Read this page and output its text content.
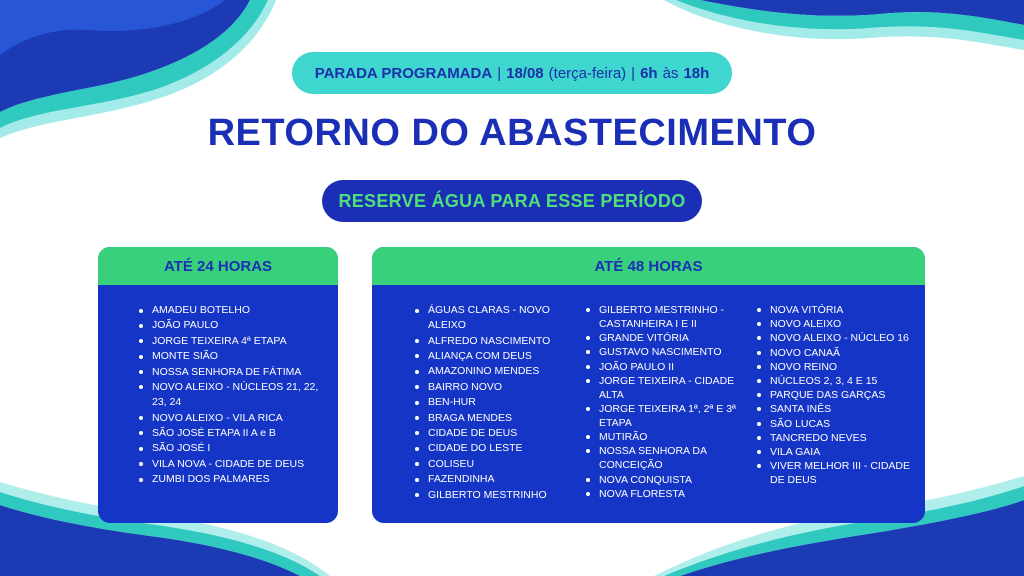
PARADA PROGRAMADA | 18/08 (terça-feira) | 6h às 18h
RETORNO DO ABASTECIMENTO
RESERVE ÁGUA PARA ESSE PERÍODO
ATÉ 24 HORAS
AMADEU BOTELHO
JOÃO PAULO
JORGE TEIXEIRA 4ª ETAPA
MONTE SIÃO
NOSSA SENHORA DE FÁTIMA
NOVO ALEIXO - NÚCLEOS 21, 22, 23, 24
NOVO ALEIXO - VILA RICA
SÃO JOSÉ ETAPA II A e B
SÃO JOSÉ I
VILA NOVA - CIDADE DE DEUS
ZUMBI DOS PALMARES
ATÉ 48 HORAS
ÁGUAS CLARAS - NOVO ALEIXO
ALFREDO NASCIMENTO
ALIANÇA COM DEUS
AMAZONINO MENDES
BAIRRO NOVO
BEN-HUR
BRAGA MENDES
CIDADE DE DEUS
CIDADE DO LESTE
COLISEU
FAZENDINHA
GILBERTO MESTRINHO
GILBERTO MESTRINHO - CASTANHEIRA I E II
GRANDE VITÓRIA
GUSTAVO NASCIMENTO
JOÃO PAULO II
JORGE TEIXEIRA - CIDADE ALTA
JORGE TEIXEIRA 1ª, 2ª E 3ª ETAPA
MUTIRÃO
NOSSA SENHORA DA CONCEIÇÃO
NOVA CONQUISTA
NOVA FLORESTA
NOVA VITÓRIA
NOVO ALEIXO
NOVO ALEIXO - NÚCLEO 16
NOVO CANAÃ
NOVO REINO
NÚCLEOS 2, 3, 4 E 15
PARQUE DAS GARÇAS
SANTA INÊS
SÃO LUCAS
TANCREDO NEVES
VILA GAIA
VIVER MELHOR III - CIDADE DE DEUS
